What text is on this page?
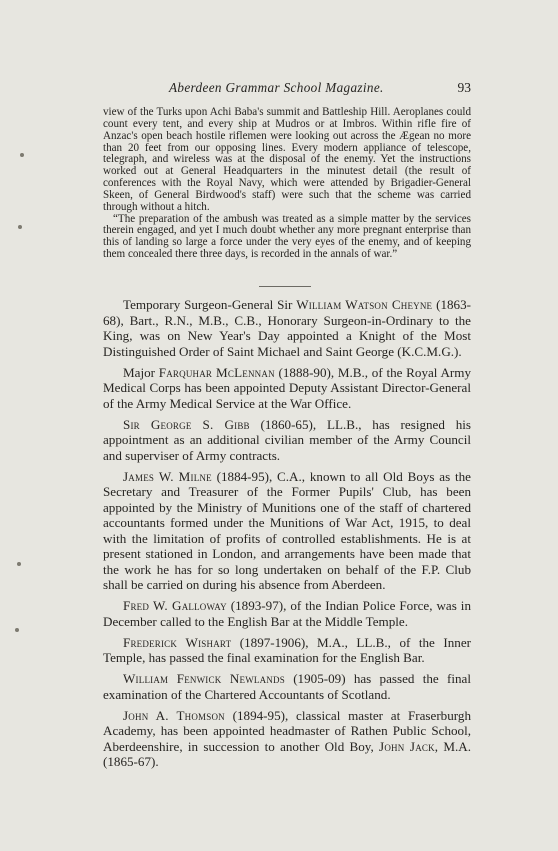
Aberdeen Grammar School Magazine.	93

view of the Turks upon Achi Baba's summit and Battleship Hill. Aeroplanes could count every tent, and every ship at Mudros or at Imbros. Within rifle fire of Anzac's open beach hostile riflemen were looking out across the Ægean no more than 20 feet from our opposing lines. Every modern appliance of telescope, telegraph, and wireless was at the disposal of the enemy. Yet the instructions worked out at General Headquarters in the minutest detail (the result of conferences with the Royal Navy, which were attended by Brigadier-General Skeen, of General Birdwood's staff) were such that the scheme was carried through without a hitch.

“The preparation of the ambush was treated as a simple matter by the services therein engaged, and yet I much doubt whether any more pregnant enterprise than this of landing so large a force under the very eyes of the enemy, and of keeping them concealed there three days, is recorded in the annals of war.”

Temporary Surgeon-General Sir William Watson Cheyne (1863-68), Bart., R.N., M.B., C.B., Honorary Surgeon-in-Ordinary to the King, was on New Year's Day appointed a Knight of the Most Distinguished Order of Saint Michael and Saint George (K.C.M.G.).

Major Farquhar McLennan (1888-90), M.B., of the Royal Army Medical Corps has been appointed Deputy Assistant Director-General of the Army Medical Service at the War Office.

Sir George S. Gibb (1860-65), LL.B., has resigned his appointment as an additional civilian member of the Army Council and superviser of Army contracts.

James W. Milne (1884-95), C.A., known to all Old Boys as the Secretary and Treasurer of the Former Pupils' Club, has been appointed by the Ministry of Munitions one of the staff of chartered accountants formed under the Munitions of War Act, 1915, to deal with the limitation of profits of controlled establishments. He is at present stationed in London, and arrangements have been made that the work he has for so long undertaken on behalf of the F.P. Club shall be carried on during his absence from Aberdeen.

Fred W. Galloway (1893-97), of the Indian Police Force, was in December called to the English Bar at the Middle Temple.

Frederick Wishart (1897-1906), M.A., LL.B., of the Inner Temple, has passed the final examination for the English Bar.

William Fenwick Newlands (1905-09) has passed the final examination of the Chartered Accountants of Scotland.

John A. Thomson (1894-95), classical master at Fraserburgh Academy, has been appointed headmaster of Rathen Public School, Aberdeenshire, in succession to another Old Boy, John Jack, M.A. (1865-67).
